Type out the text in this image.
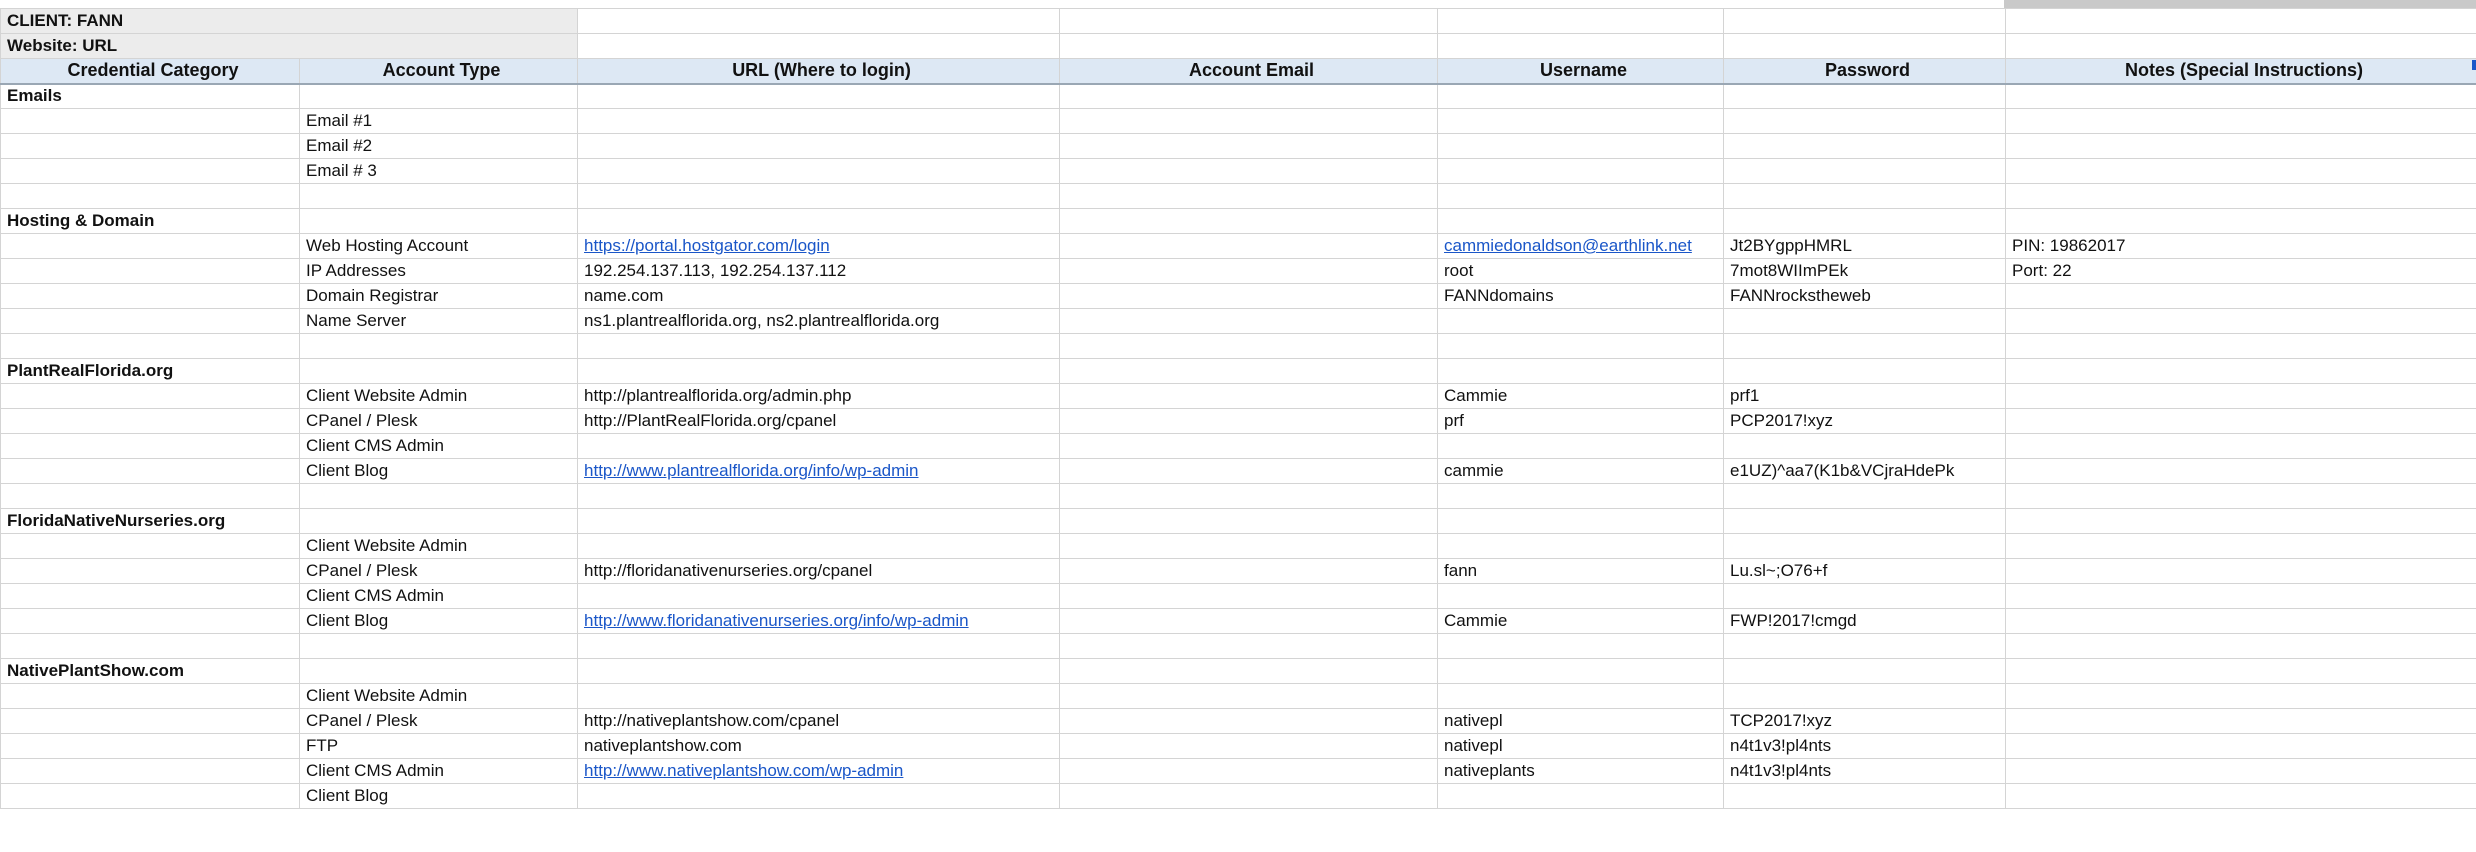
CLIENT: FANN						
Website: URL						
Credential Category	Account Type	URL (Where to login)	Account Email	Username	Password	Notes (Special Instructions)
Emails						
	Email #1					
	Email #2					
	Email # 3					

Hosting & Domain						
	Web Hosting Account	https://portal.hostgator.com/login		cammiedonaldson@earthlink.net	Jt2BYgppHMRL	PIN: 19862017
	IP Addresses	192.254.137.113, 192.254.137.112		root	7mot8WIImPEk	Port: 22
	Domain Registrar	name.com		FANNdomains	FANNrockstheweb	
	Name Server	ns1.plantrealflorida.org, ns2.plantrealflorida.org				

PlantRealFlorida.org						
	Client Website Admin	http://plantrealflorida.org/admin.php		Cammie	prf1	
	CPanel / Plesk	http://PlantRealFlorida.org/cpanel		prf	PCP2017!xyz	
	Client CMS Admin					
	Client Blog	http://www.plantrealflorida.org/info/wp-admin		cammie	e1UZ)^aa7(K1b&VCjraHdePk	

FloridaNativeNurseries.org						
	Client Website Admin					
	CPanel / Plesk	http://floridanativenurseries.org/cpanel		fann	Lu.sl~;O76+f	
	Client CMS Admin					
	Client Blog	http://www.floridanativenurseries.org/info/wp-admin		Cammie	FWP!2017!cmgd	

NativePlantShow.com						
	Client Website Admin					
	CPanel / Plesk	http://nativeplantshow.com/cpanel		nativepl	TCP2017!xyz	
	FTP	nativeplantshow.com		nativepl	n4t1v3!pl4nts	
	Client CMS Admin	http://www.nativeplantshow.com/wp-admin		nativeplants	n4t1v3!pl4nts	
	Client Blog					
